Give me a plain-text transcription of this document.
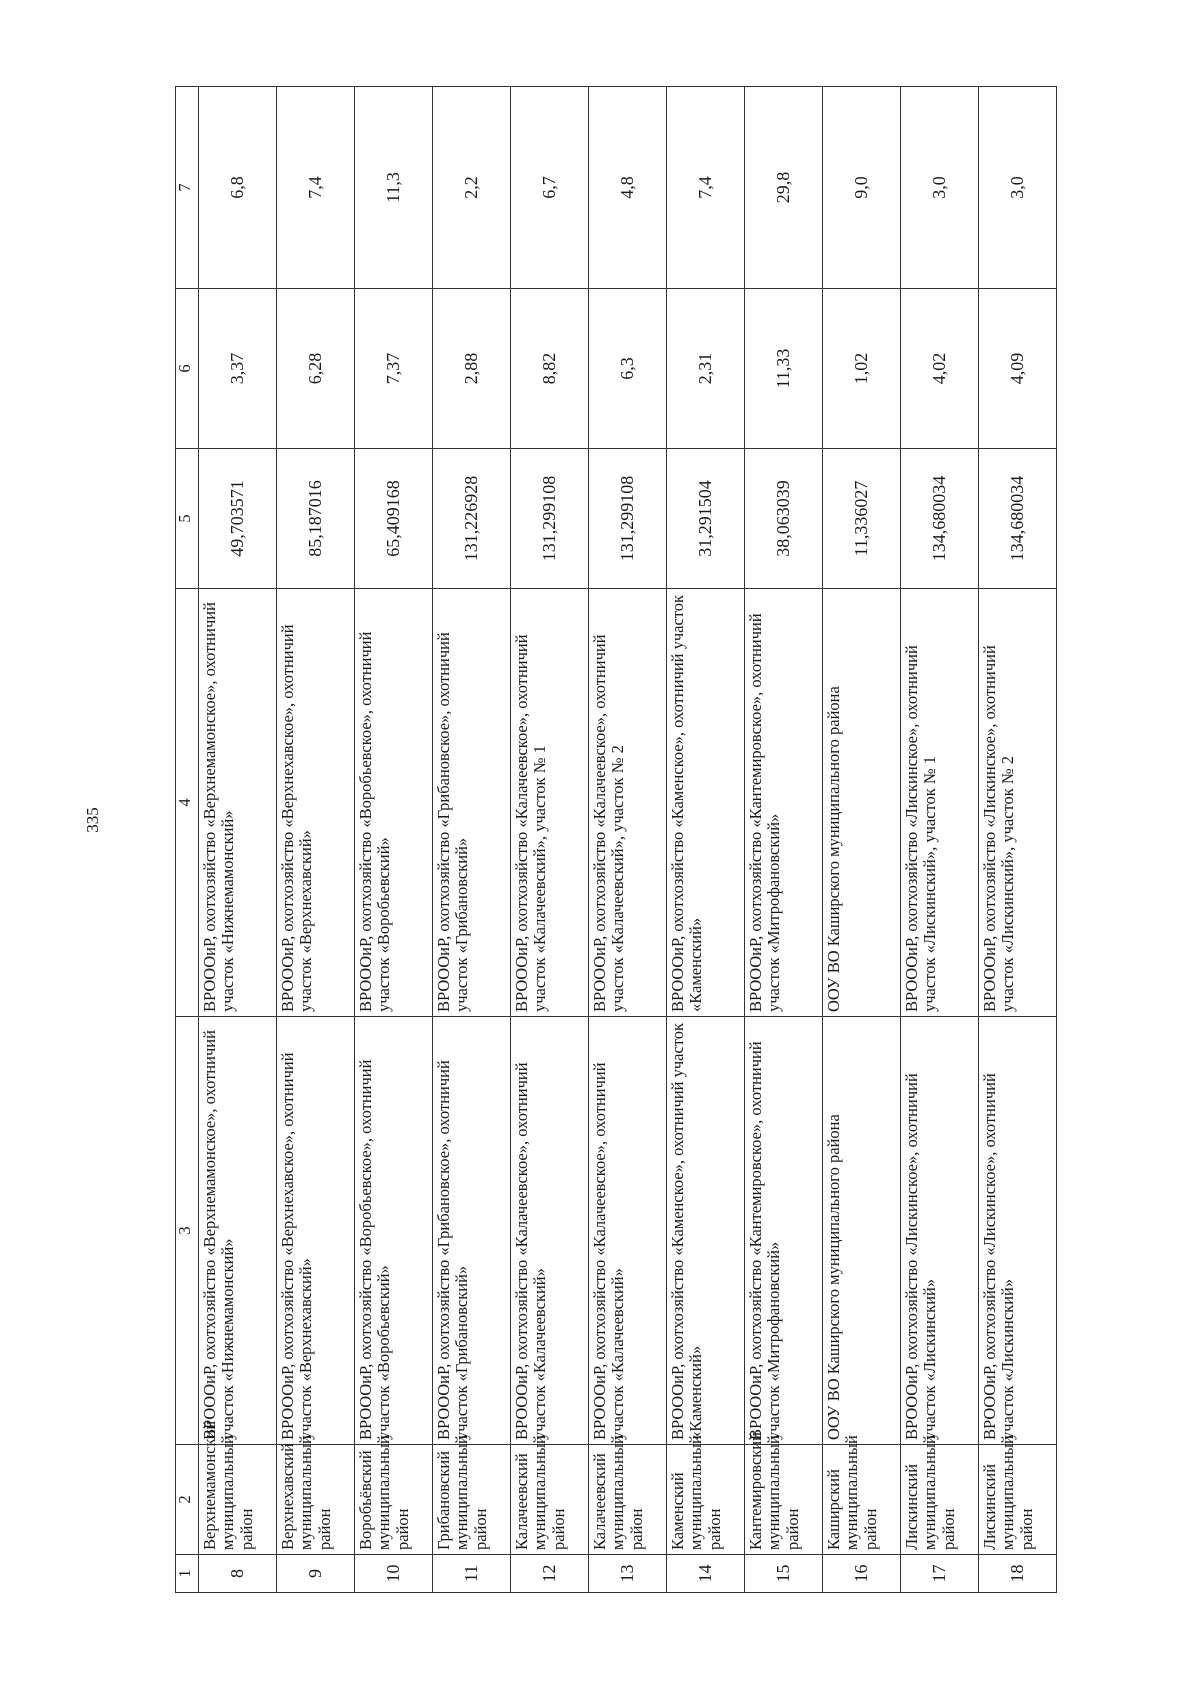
335
1	2	3	4	5	6	7
8	Верхнемамонский муниципальный район	ВРОООиР, охотхозяйство «Верхнемамонское», охотничий участок «Нижнемамонский»	ВРОООиР, охотхозяйство «Верхнемамонское», охотничий участок «Нижнемамонский»	49,703571	3,37	6,8
9	Верхнехавский муниципальный район	ВРОООиР, охотхозяйство «Верхнехавское», охотничий участок «Верхнехавский»	ВРОООиР, охотхозяйство «Верхнехавское», охотничий участок «Верхнехавский»	85,187016	6,28	7,4
10	Воробьёвский муниципальный район	ВРОООиР, охотхозяйство «Воробьевское», охотничий участок «Воробьевский»	ВРОООиР, охотхозяйство «Воробьевское», охотничий участок «Воробьевский»	65,409168	7,37	11,3
11	Грибановский муниципальный район	ВРОООиР, охотхозяйство «Грибановское», охотничий участок «Грибановский»	ВРОООиР, охотхозяйство «Грибановское», охотничий участок «Грибановский»	131,226928	2,88	2,2
12	Калачеевский муниципальный район	ВРОООиР, охотхозяйство «Калачеевское», охотничий участок «Калачеевский»	ВРОООиР, охотхозяйство «Калачеевское», охотничий участок «Калачеевский», участок № 1	131,299108	8,82	6,7
13	Калачеевский муниципальный район	ВРОООиР, охотхозяйство «Калачеевское», охотничий участок «Калачеевский»	ВРОООиР, охотхозяйство «Калачеевское», охотничий участок «Калачеевский», участок № 2	131,299108	6,3	4,8
14	Каменский муниципальный район	ВРОООиР, охотхозяйство «Каменское», охотничий участок «Каменский»	ВРОООиР, охотхозяйство «Каменское», охотничий участок «Каменский»	31,291504	2,31	7,4
15	Кантемировский муниципальный район	ВРОООиР, охотхозяйство «Кантемировское», охотничий участок «Митрофановский»	ВРОООиР, охотхозяйство «Кантемировское», охотничий участок «Митрофановский»	38,063039	11,33	29,8
16	Каширский муниципальный район	ООУ ВО Каширского муниципального района	ООУ ВО Каширского муниципального района	11,336027	1,02	9,0
17	Лискинский муниципальный район	ВРОООиР, охотхозяйство «Лискинское», охотничий участок «Лискинский»	ВРОООиР, охотхозяйство «Лискинское», охотничий участок «Лискинский», участок № 1	134,680034	4,02	3,0
18	Лискинский муниципальный район	ВРОООиР, охотхозяйство «Лискинское», охотничий участок «Лискинский»	ВРОООиР, охотхозяйство «Лискинское», охотничий участок «Лискинский», участок № 2	134,680034	4,09	3,0
